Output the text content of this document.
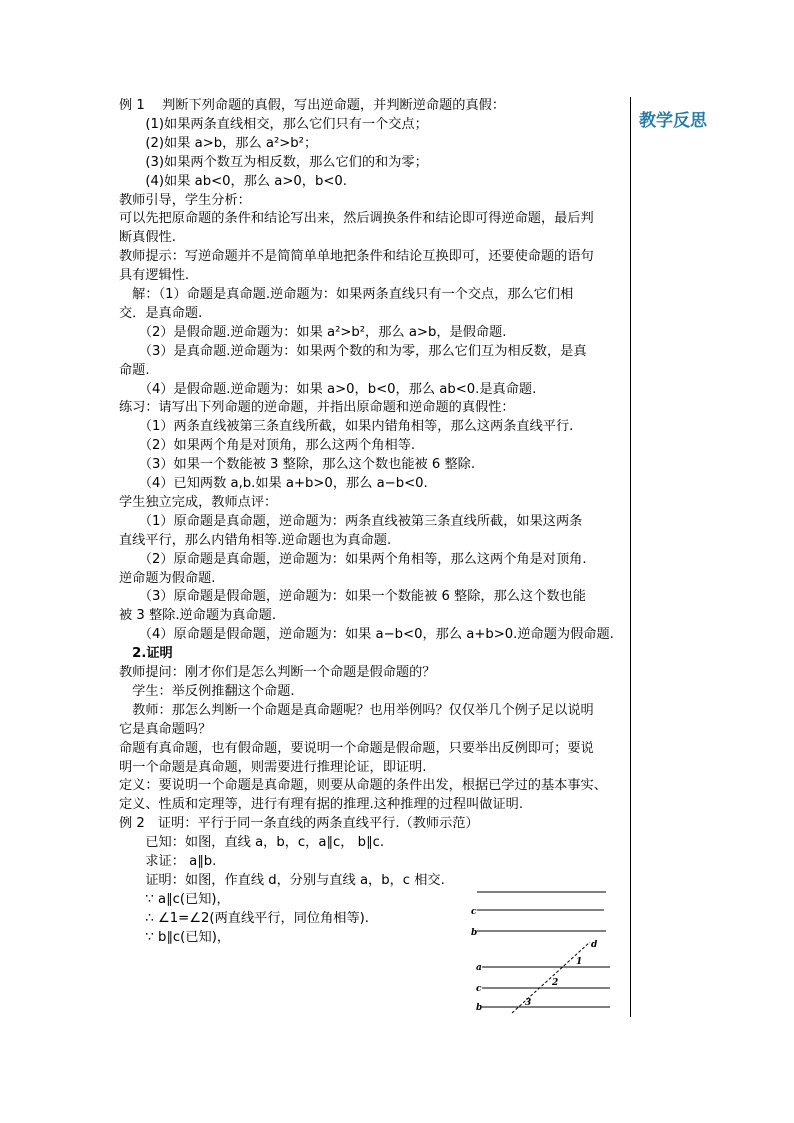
教学反思
例 1　 判断下列命题的真假，写出逆命题，并判断逆命题的真假：
　　(1)如果两条直线相交，那么它们只有一个交点；
　　(2)如果 a>b，那么 a²>b²；
　　(3)如果两个数互为相反数，那么它们的和为零；
　　(4)如果 ab<0，那么 a>0，b<0.
教师引导，学生分析：
可以先把原命题的条件和结论写出来，然后调换条件和结论即可得逆命题，最后判
断真假性.
教师提示：写逆命题并不是简简单单地把条件和结论互换即可，还要使命题的语句
具有逻辑性.
　解：（1）命题是真命题.逆命题为：如果两条直线只有一个交点，那么它们相
交．是真命题.
　　（2）是假命题.逆命题为：如果 a²>b²，那么 a>b，是假命题.
　　（3）是真命题.逆命题为：如果两个数的和为零，那么它们互为相反数，是真
命题.
　　（4）是假命题.逆命题为：如果 a>0，b<0，那么 ab<0.是真命题.
练习：请写出下列命题的逆命题，并指出原命题和逆命题的真假性：
　　（1）两条直线被第三条直线所截，如果内错角相等，那么这两条直线平行.
　　（2）如果两个角是对顶角，那么这两个角相等.
　　（3）如果一个数能被 3 整除，那么这个数也能被 6 整除.
　　（4）已知两数 a,b.如果 a+b>0，那么 a−b<0.
学生独立完成，教师点评：
　　（1）原命题是真命题，逆命题为：两条直线被第三条直线所截，如果这两条
直线平行，那么内错角相等.逆命题也为真命题.
　　（2）原命题是真命题，逆命题为：如果两个角相等，那么这两个角是对顶角.
逆命题为假命题.
　　（3）原命题是假命题，逆命题为：如果一个数能被 6 整除，那么这个数也能
被 3 整除.逆命题为真命题.
　　（4）原命题是假命题，逆命题为：如果 a−b<0，那么 a+b>0.逆命题为假命题.
　2.证明
教师提问：刚才你们是怎么判断一个命题是假命题的？
　学生：举反例推翻这个命题.
　教师：那怎么判断一个命题是真命题呢？也用举例吗？仅仅举几个例子足以说明
它是真命题吗？
命题有真命题，也有假命题，要说明一个命题是假命题，只要举出反例即可；要说
明一个命题是真命题，则需要进行推理论证，即证明.
定义：要说明一个命题是真命题，则要从命题的条件出发，根据已学过的基本事实、
定义、性质和定理等，进行有理有据的推理.这种推理的过程叫做证明.
例 2　证明：平行于同一条直线的两条直线平行.（教师示范）
　　已知：如图，直线 a，b，c，a∥c， b∥c.
　　求证： a∥b.
　　证明：如图，作直线 d，分别与直线 a，b，c 相交.
　　∵ a∥c(已知)，
　　∴ ∠1=∠2(两直线平行，同位角相等).
　　∵ b∥c(已知)，
c
b
d
a
c
b
1
2
3
